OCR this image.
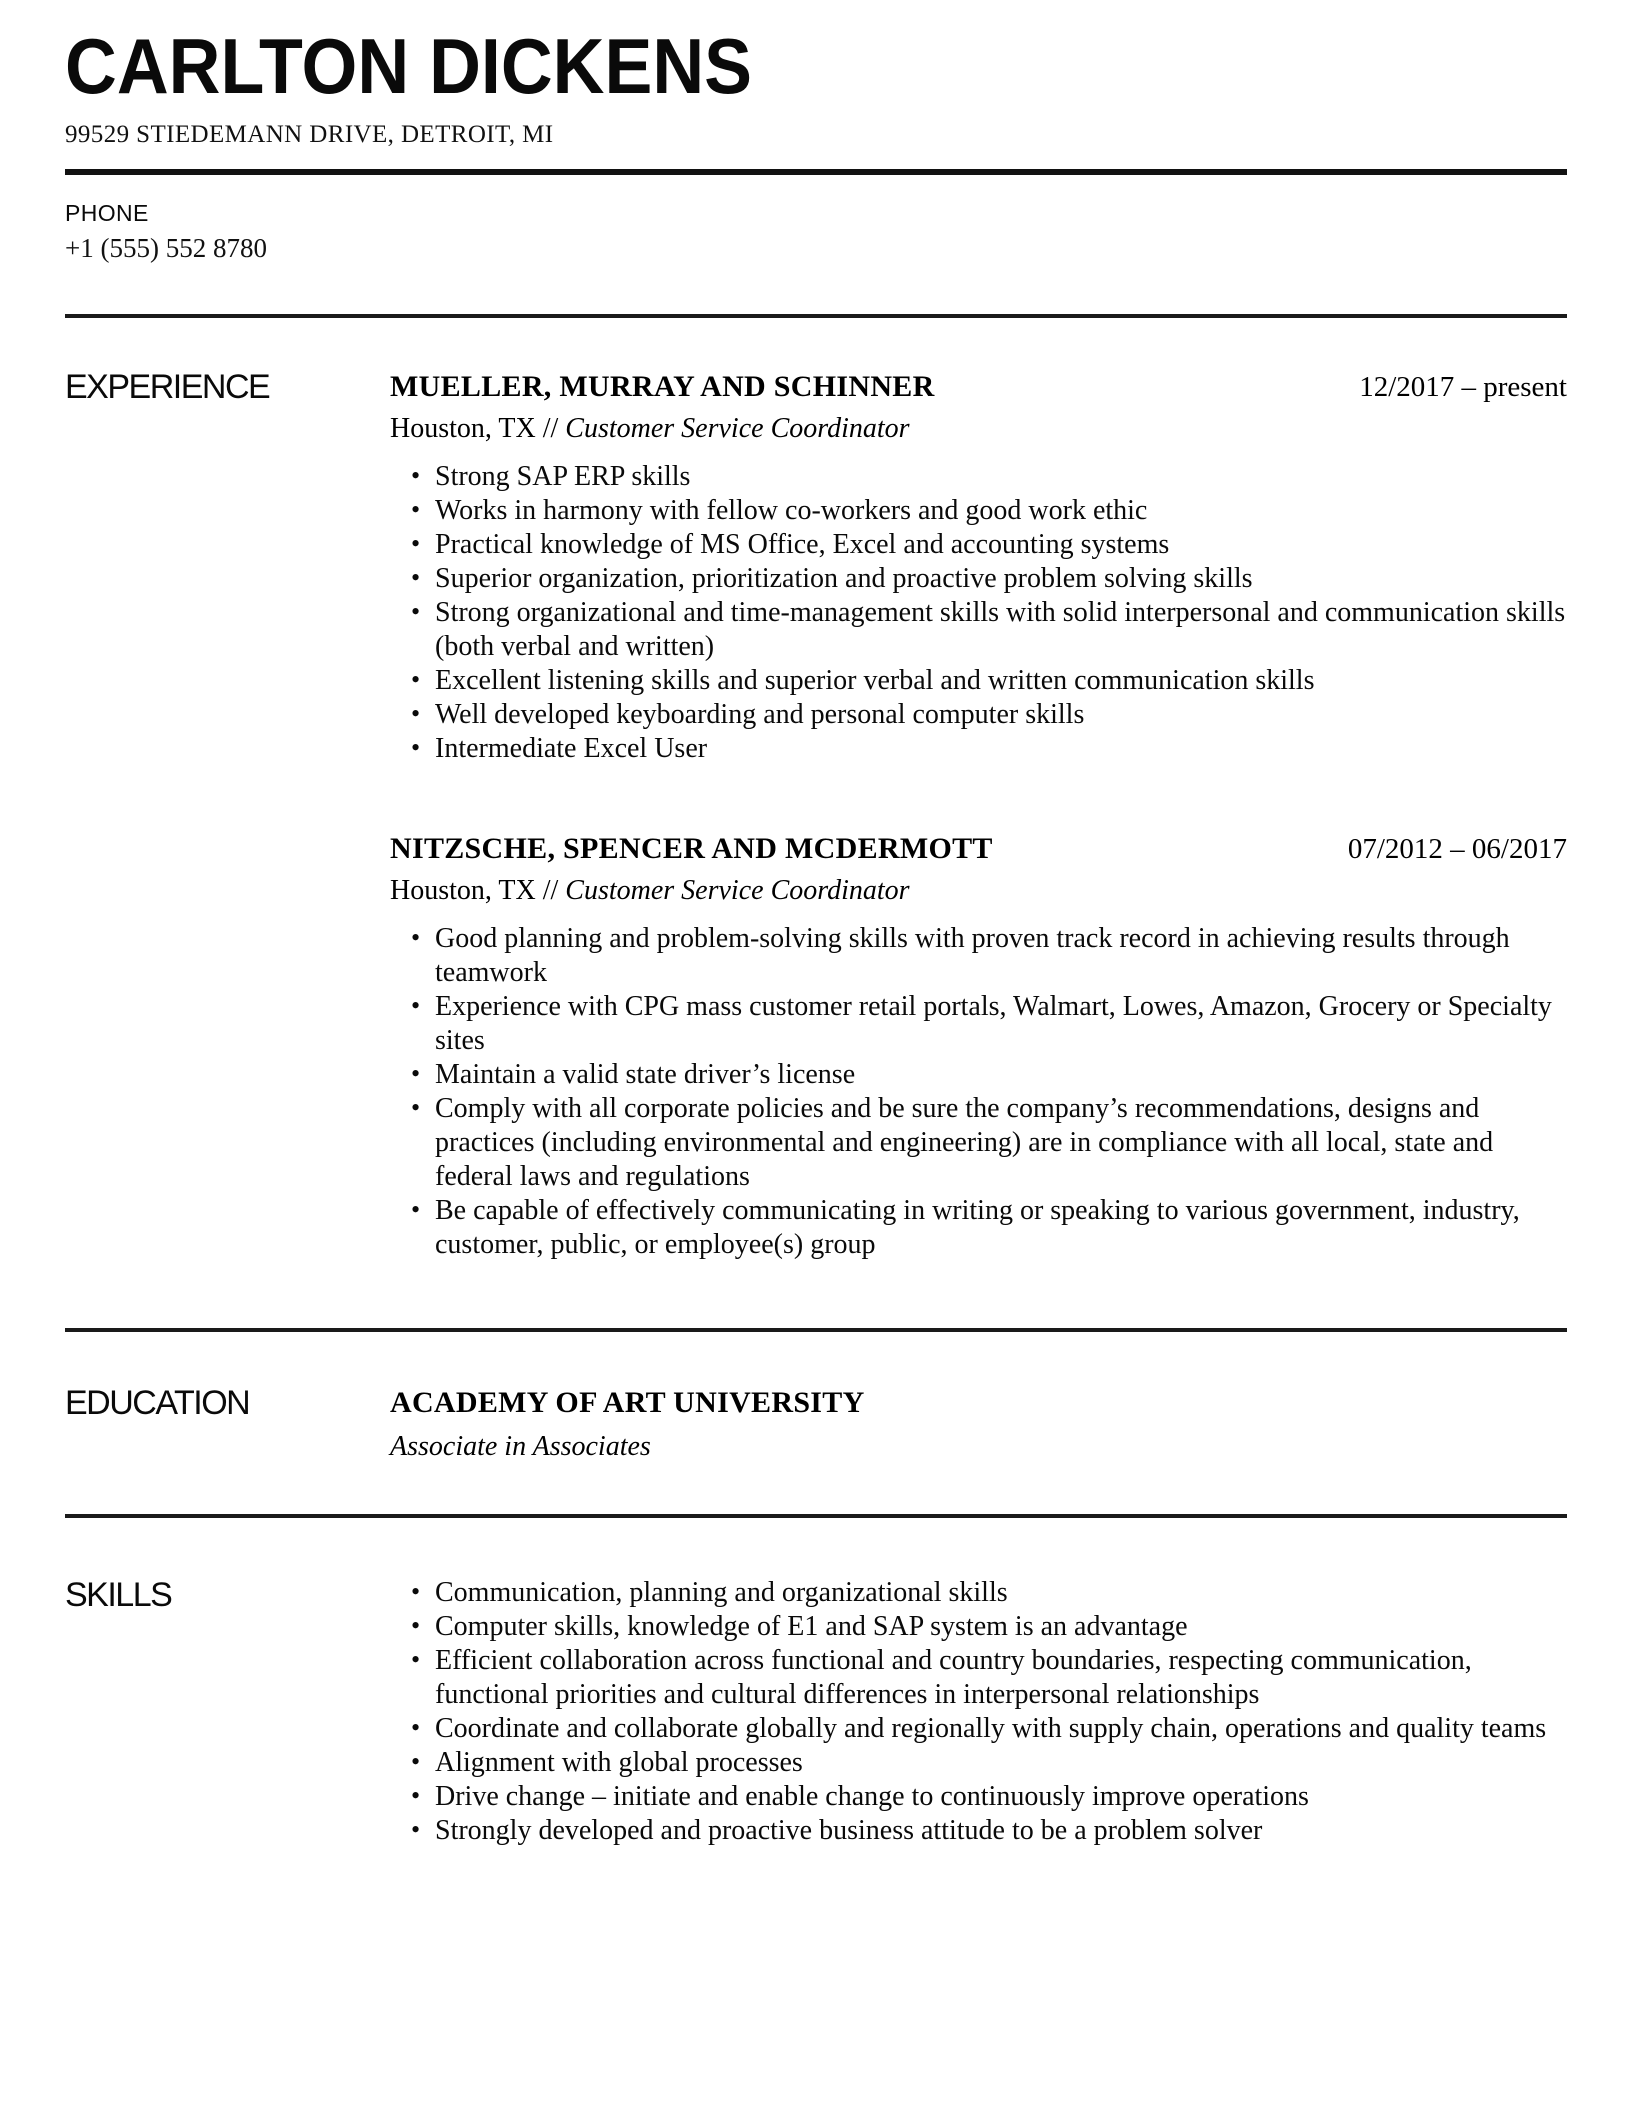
CARLTON DICKENS
99529 STIEDEMANN DRIVE, DETROIT, MI
PHONE
+1 (555) 552 8780
EXPERIENCE	MUELLER, MURRAY AND SCHINNER	12/2017 – present
Houston, TX // Customer Service Coordinator
• Strong SAP ERP skills
• Works in harmony with fellow co-workers and good work ethic
• Practical knowledge of MS Office, Excel and accounting systems
• Superior organization, prioritization and proactive problem solving skills
• Strong organizational and time-management skills with solid interpersonal and communication skills (both verbal and written)
• Excellent listening skills and superior verbal and written communication skills
• Well developed keyboarding and personal computer skills
• Intermediate Excel User
NITZSCHE, SPENCER AND MCDERMOTT	07/2012 – 06/2017
Houston, TX // Customer Service Coordinator
• Good planning and problem-solving skills with proven track record in achieving results through teamwork
• Experience with CPG mass customer retail portals, Walmart, Lowes, Amazon, Grocery or Specialty sites
• Maintain a valid state driver’s license
• Comply with all corporate policies and be sure the company’s recommendations, designs and practices (including environmental and engineering) are in compliance with all local, state and federal laws and regulations
• Be capable of effectively communicating in writing or speaking to various government, industry, customer, public, or employee(s) group
EDUCATION	ACADEMY OF ART UNIVERSITY
Associate in Associates
SKILLS	• Communication, planning and organizational skills
• Computer skills, knowledge of E1 and SAP system is an advantage
• Efficient collaboration across functional and country boundaries, respecting communication, functional priorities and cultural differences in interpersonal relationships
• Coordinate and collaborate globally and regionally with supply chain, operations and quality teams
• Alignment with global processes
• Drive change – initiate and enable change to continuously improve operations
• Strongly developed and proactive business attitude to be a problem solver
